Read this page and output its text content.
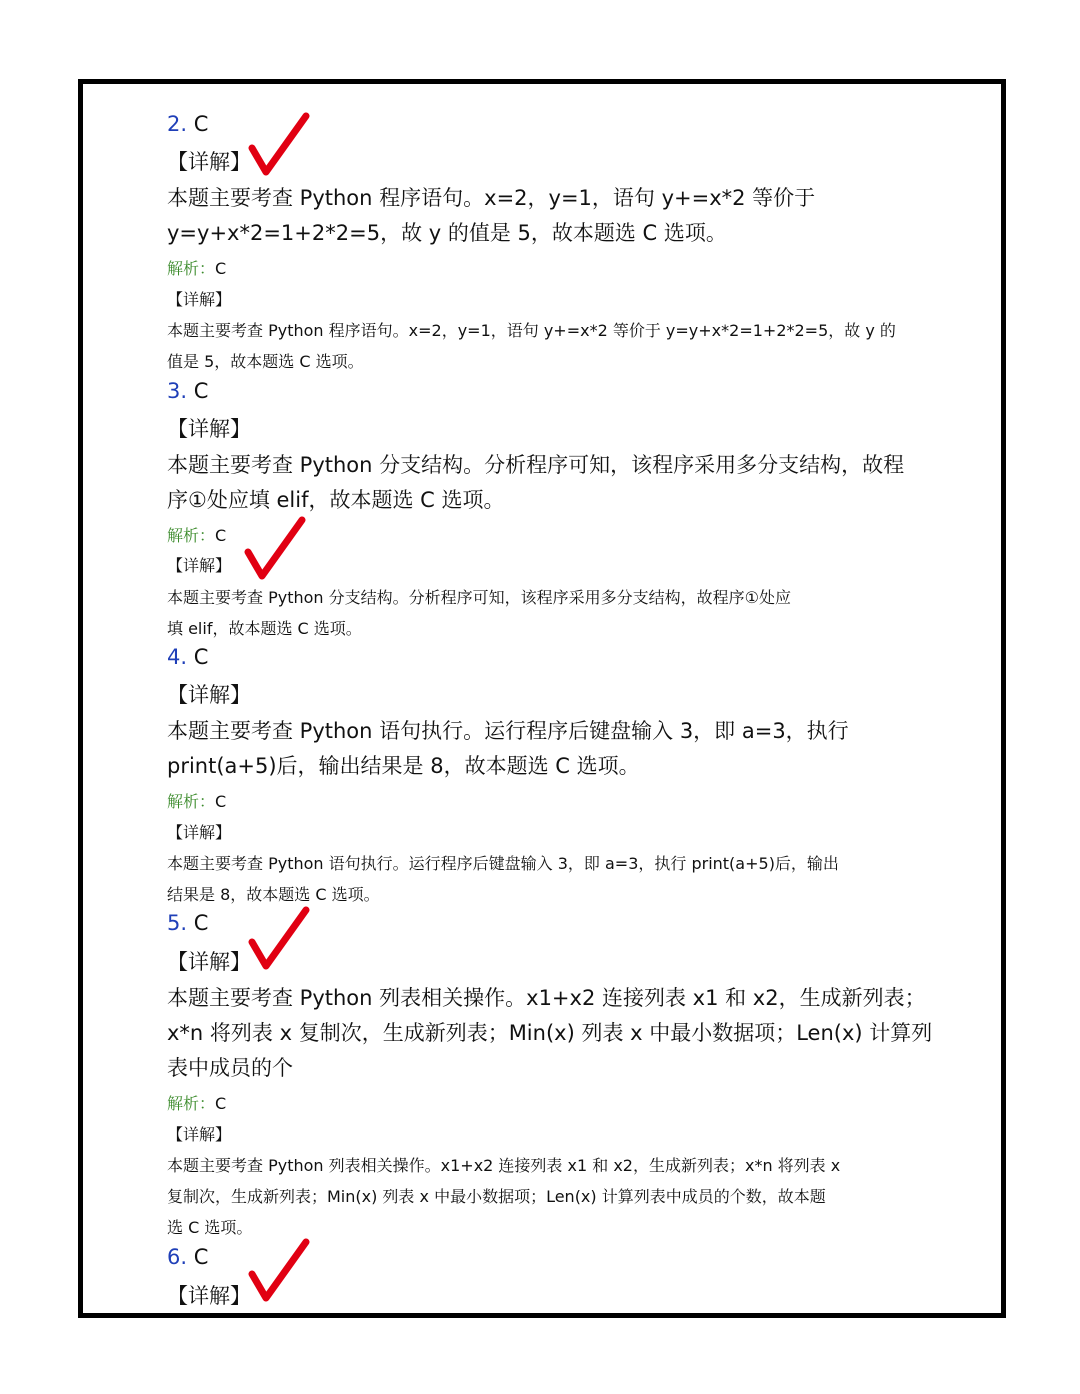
2. C
【详解】
本题主要考查 Python 程序语句。x=2，y=1，语句 y+=x*2 等价于
y=y+x*2=1+2*2=5，故 y 的值是 5，故本题选 C 选项。
解析：C
【详解】
本题主要考查 Python 程序语句。x=2，y=1，语句 y+=x*2 等价于 y=y+x*2=1+2*2=5，故 y 的
值是 5，故本题选 C 选项。
3. C
【详解】
本题主要考查 Python 分支结构。分析程序可知，该程序采用多分支结构，故程
序①处应填 elif，故本题选 C 选项。
解析：C
【详解】
本题主要考查 Python 分支结构。分析程序可知，该程序采用多分支结构，故程序①处应
填 elif，故本题选 C 选项。
4. C
【详解】
本题主要考查 Python 语句执行。运行程序后键盘输入 3，即 a=3，执行
print(a+5)后，输出结果是 8，故本题选 C 选项。
解析：C
【详解】
本题主要考查 Python 语句执行。运行程序后键盘输入 3，即 a=3，执行 print(a+5)后，输出
结果是 8，故本题选 C 选项。
5. C
【详解】
本题主要考查 Python 列表相关操作。x1+x2 连接列表 x1 和 x2，生成新列表；
x*n 将列表 x 复制次，生成新列表；Min(x) 列表 x 中最小数据项；Len(x) 计算列
表中成员的个
解析：C
【详解】
本题主要考查 Python 列表相关操作。x1+x2 连接列表 x1 和 x2，生成新列表；x*n 将列表 x
复制次，生成新列表；Min(x) 列表 x 中最小数据项；Len(x) 计算列表中成员的个数，故本题
选 C 选项。
6. C
【详解】
